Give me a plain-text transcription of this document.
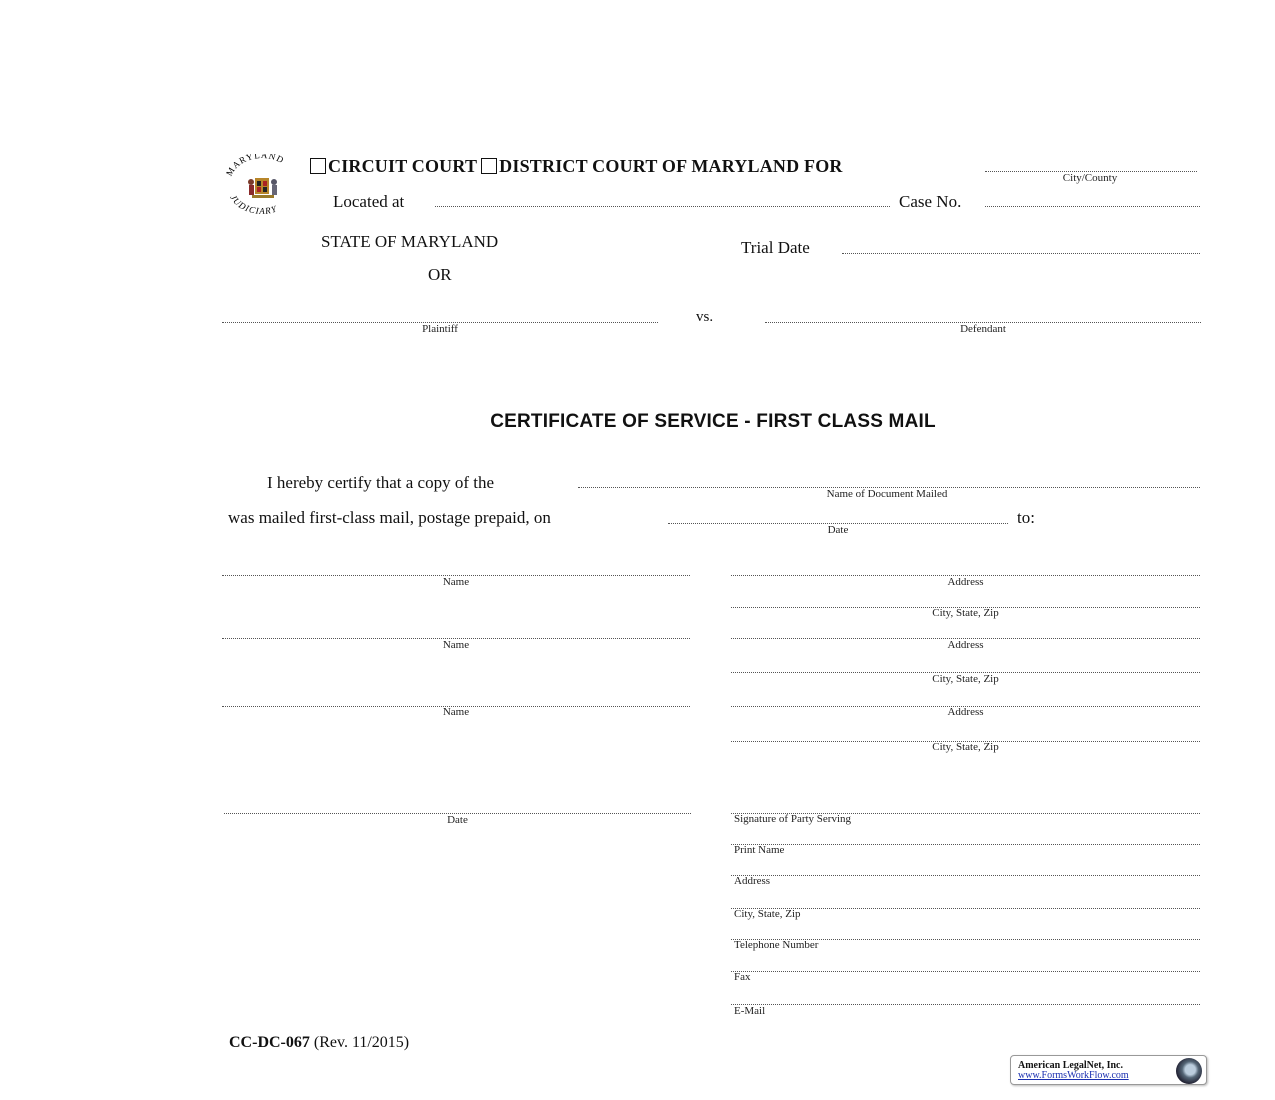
MARYLAND
JUDICIARY
CIRCUIT COURT DISTRICT COURT OF MARYLAND FOR
City/County
Located at	Case No.
STATE OF MARYLAND	Trial Date
OR
Plaintiff
vs.
Defendant
CERTIFICATE OF SERVICE - FIRST CLASS MAIL
I hereby certify that a copy of the
Name of Document Mailed
was mailed first-class mail, postage prepaid, on
Date
to:
Name	Address
City, State, Zip
Name	Address
City, State, Zip
Name	Address
City, State, Zip
Date	Signature of Party Serving
Print Name
Address
City, State, Zip
Telephone Number
Fax
E-Mail
CC-DC-067 (Rev. 11/2015)
American LegalNet, Inc.
www.FormsWorkFlow.com
